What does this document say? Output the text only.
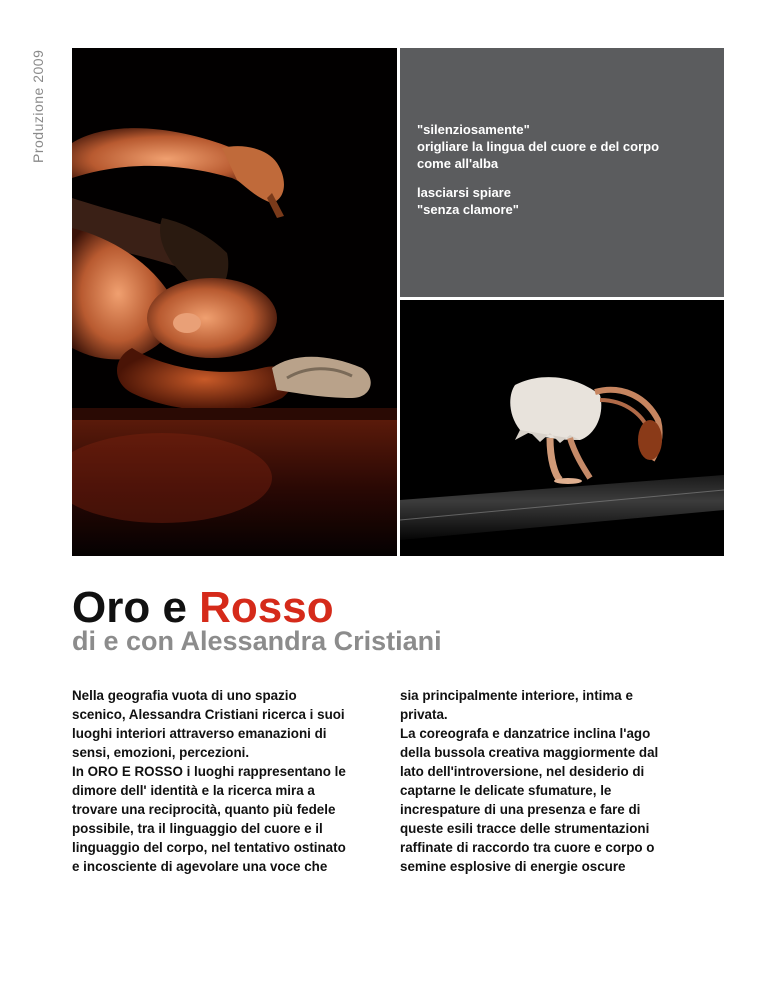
Produzione 2009	"silenziosamente"
origliare la lingua del cuore e del corpo
come all'alba
lasciarsi spiare
"senza clamore"
Oro e Rosso
di e con Alessandra Cristiani
Nella geografia vuota di uno spazio
scenico, Alessandra Cristiani ricerca i suoi
luoghi interiori attraverso emanazioni di
sensi, emozioni, percezioni.
In ORO E ROSSO i luoghi rappresentano le
dimore dell' identità e la ricerca mira a
trovare una reciprocità, quanto più fedele
possibile, tra il linguaggio del cuore e il
linguaggio del corpo, nel tentativo ostinato
e incosciente di agevolare una voce che
sia principalmente interiore, intima e
privata.
La coreografa e danzatrice inclina l'ago
della bussola creativa maggiormente dal
lato dell'introversione, nel desiderio di
captarne le delicate sfumature, le
increspature di una presenza e fare di
queste esili tracce delle strumentazioni
raffinate di raccordo tra cuore e corpo o
semine esplosive di energie oscure
